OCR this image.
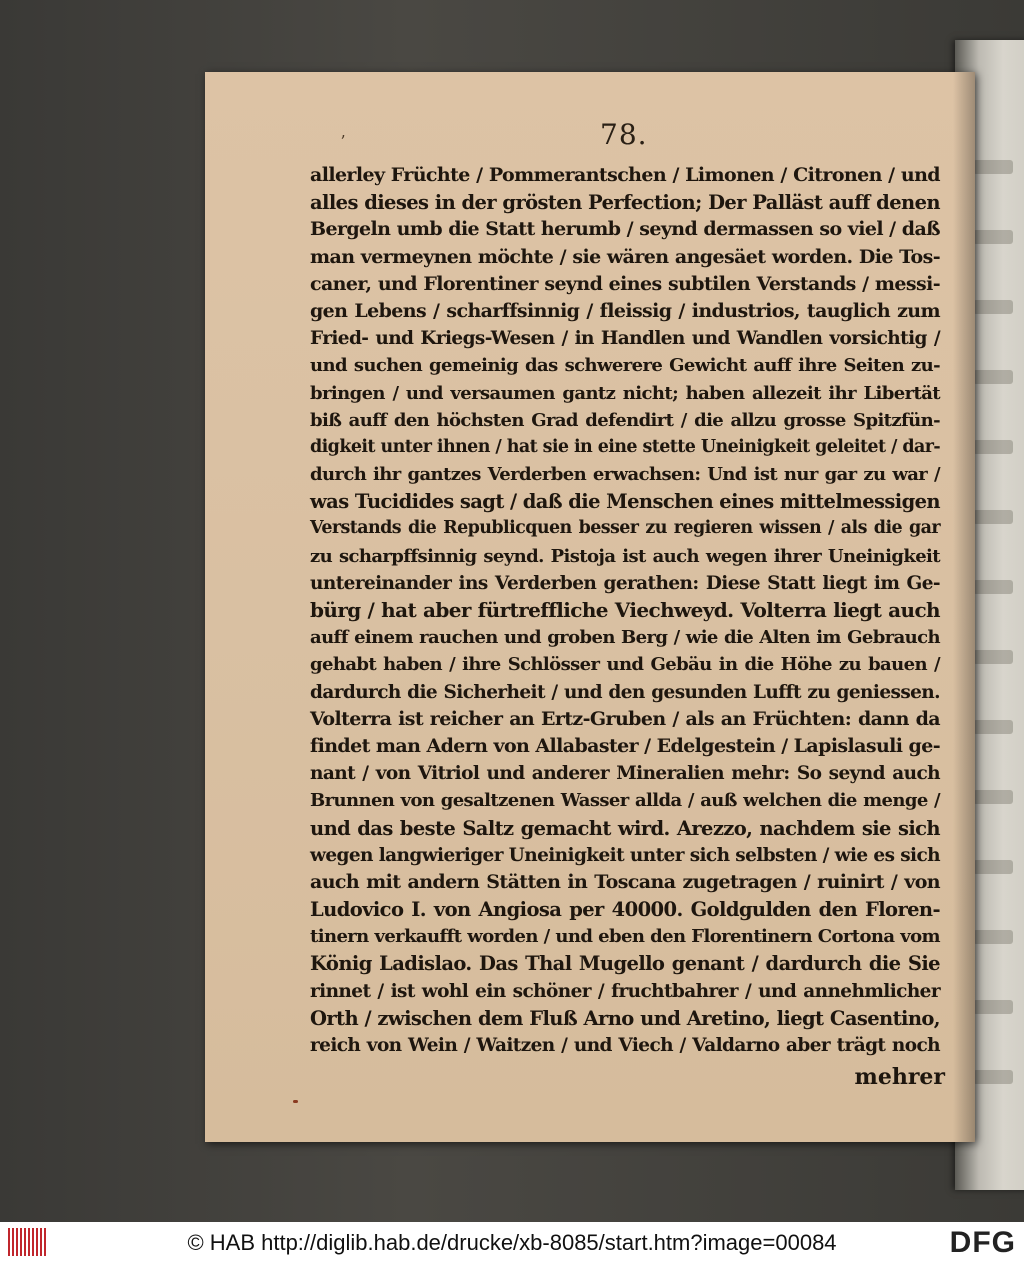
ʼ	78.
allerley Früchte / Pommerantschen / Limonen / Citronen / und
alles dieses in der grösten Perfection; Der Palläst auff denen
Bergeln umb die Statt herumb / seynd dermassen so viel / daß
man vermeynen möchte / sie wären angesäet worden. Die Tos-
caner, und Florentiner seynd eines subtilen Verstands / messi-
gen Lebens / scharffsinnig / fleissig / industrios, tauglich zum
Fried- und Kriegs-Wesen / in Handlen und Wandlen vorsichtig /
und suchen gemeinig das schwerere Gewicht auff ihre Seiten zu-
bringen / und versaumen gantz nicht; haben allezeit ihr Libertät
biß auff den höchsten Grad defendirt / die allzu grosse Spitzfün-
digkeit unter ihnen / hat sie in eine stette Uneinigkeit geleitet / dar-
durch ihr gantzes Verderben erwachsen: Und ist nur gar zu war /
was Tucidides sagt / daß die Menschen eines mittelmessigen
Verstands die Republicquen besser zu regieren wissen / als die gar
zu scharpffsinnig seynd. Pistoja ist auch wegen ihrer Uneinigkeit
untereinander ins Verderben gerathen: Diese Statt liegt im Ge-
bürg / hat aber fürtreffliche Viechweyd. Volterra liegt auch
auff einem rauchen und groben Berg / wie die Alten im Gebrauch
gehabt haben / ihre Schlösser und Gebäu in die Höhe zu bauen /
dardurch die Sicherheit / und den gesunden Lufft zu geniessen.
Volterra ist reicher an Ertz-Gruben / als an Früchten: dann da
findet man Adern von Allabaster / Edelgestein / Lapislasuli ge-
nant / von Vitriol und anderer Mineralien mehr: So seynd auch
Brunnen von gesaltzenen Wasser allda / auß welchen die menge /
und das beste Saltz gemacht wird. Arezzo, nachdem sie sich
wegen langwieriger Uneinigkeit unter sich selbsten / wie es sich
auch mit andern Stätten in Toscana zugetragen / ruinirt / von
Ludovico I. von Angiosa per 40000. Goldgulden den Floren-
tinern verkaufft worden / und eben den Florentinern Cortona vom
König Ladislao. Das Thal Mugello genant / dardurch die Sie
rinnet / ist wohl ein schöner / fruchtbahrer / und annehmlicher
Orth / zwischen dem Fluß Arno und Aretino, liegt Casentino,
reich von Wein / Waitzen / und Viech / Valdarno aber trägt noch
mehrer
© HAB http://diglib.hab.de/drucke/xb-8085/start.htm?image=00084	DFG
